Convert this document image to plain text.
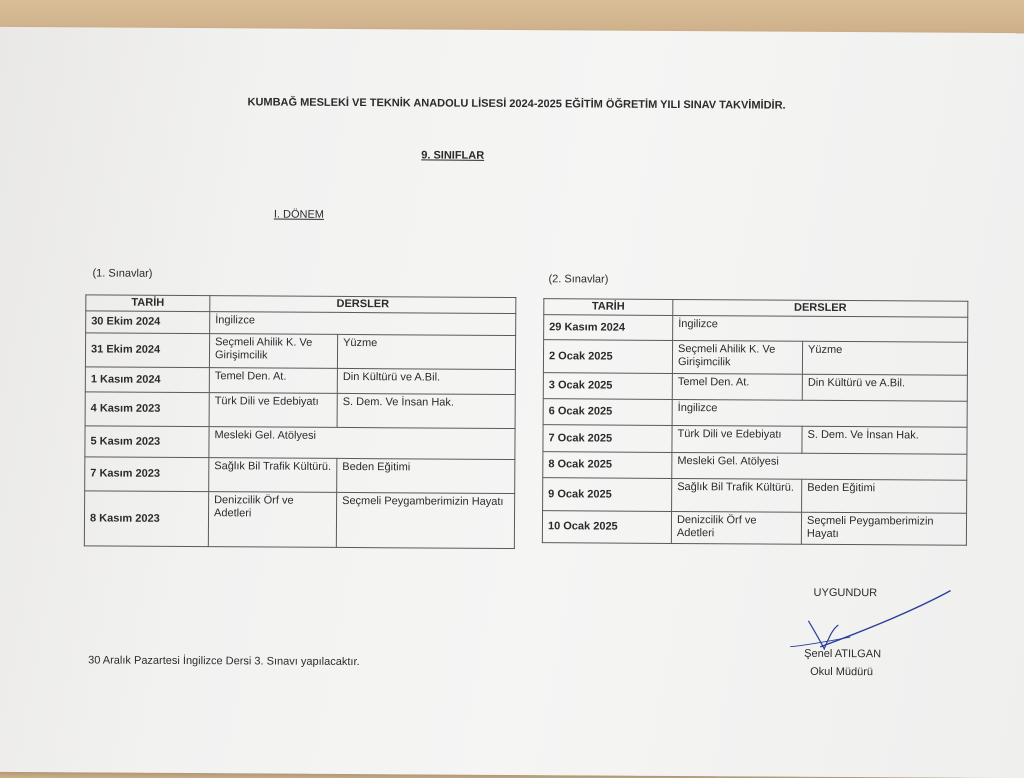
KUMBAĞ MESLEKİ VE TEKNİK ANADOLU LİSESİ 2024-2025 EĞİTİM ÖĞRETİM YILI SINAV TAKVİMİDİR.
9. SINIFLAR
I. DÖNEM
(1. Sınavlar)	(2. Sınavlar)
TARİH	DERSLER	
30 Ekim 2024	İngilizce	
31 Ekim 2024	Seçmeli Ahilik K. Ve Girişimcilik	Yüzme
1 Kasım 2024	Temel Den. At.	Din Kültürü ve A.Bil.
4 Kasım 2023	Türk Dili ve Edebiyatı	S. Dem. Ve İnsan Hak.
5 Kasım 2023	Mesleki Gel. Atölyesi	
7 Kasım 2023	Sağlık Bil Trafik Kültürü.	Beden Eğitimi
8 Kasım 2023	Denizcilik Örf ve Adetleri	Seçmeli Peygamberimizin Hayatı
TARİH	DERSLER	
29 Kasım 2024	İngilizce	
2 Ocak 2025	Seçmeli Ahilik K. Ve Girişimcilik	Yüzme
3 Ocak 2025	Temel Den. At.	Din Kültürü ve A.Bil.
6 Ocak 2025	İngilizce	
7 Ocak 2025	Türk Dili ve Edebiyatı	S. Dem. Ve İnsan Hak.
8 Ocak 2025	Mesleki Gel. Atölyesi	
9 Ocak 2025	Sağlık Bil Trafik Kültürü.	Beden Eğitimi
10 Ocak 2025	Denizcilik Örf ve Adetleri	Seçmeli Peygamberimizin Hayatı
UYGUNDUR
Şenel ATILGAN
Okul Müdürü
30 Aralık Pazartesi İngilizce Dersi 3. Sınavı yapılacaktır.
